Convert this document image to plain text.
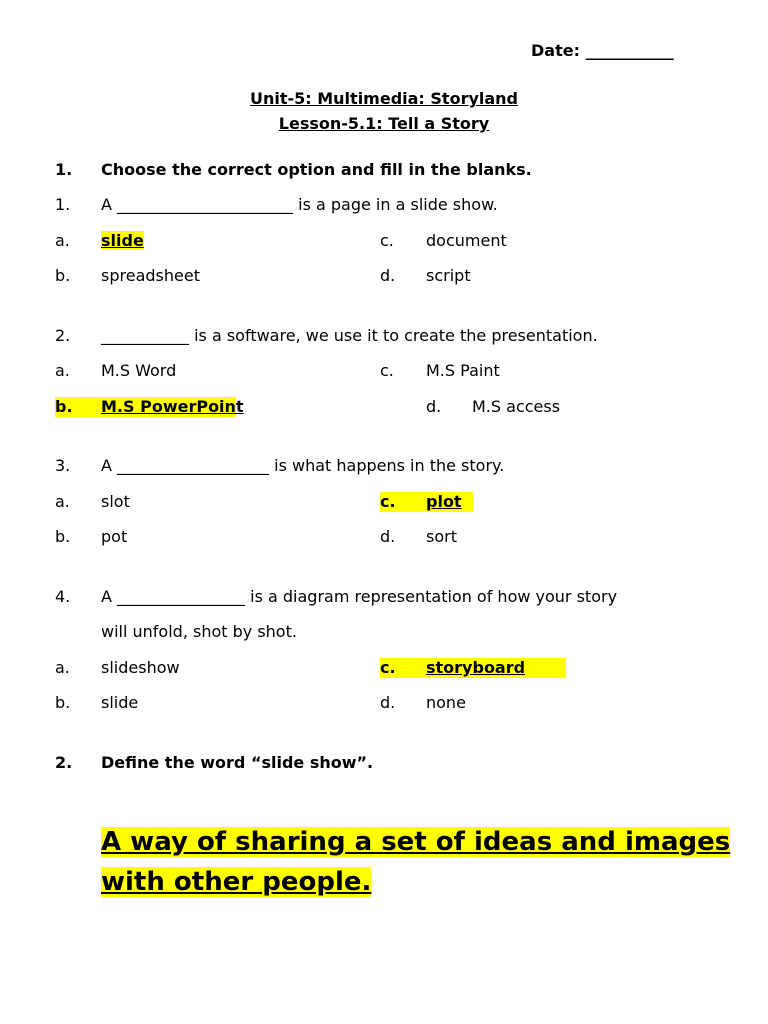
Date: ___________
Unit-5: Multimedia: Storyland
Lesson-5.1: Tell a Story
1. Choose the correct option and fill in the blanks.
1. A ______________________ is a page in a slide show.
a. slide	c. document
b. spreadsheet	d. script
2. ___________ is a software, we use it to create the presentation.
a. M.S Word	c. M.S Paint
b. M.S PowerPoint	d. M.S access
3. A ___________________ is what happens in the story.
a. slot	c. plot
b. pot	d. sort
4. A ________________ is a diagram representation of how your story
will unfold, shot by shot.
a. slideshow	c. storyboard
b. slide	d. none
2. Define the word “slide show”.
A way of sharing a set of ideas and images
with other people.
